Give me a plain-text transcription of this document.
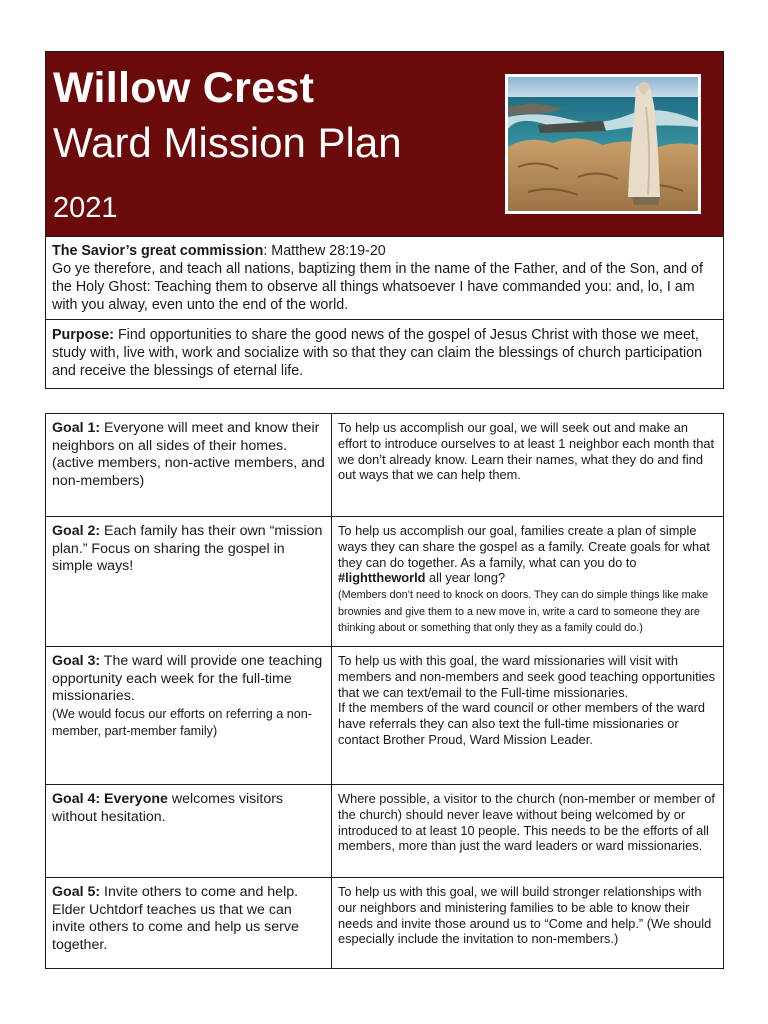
Willow Crest
Ward Mission Plan
2021
The Savior’s great commission: Matthew 28:19-20
Go ye therefore, and teach all nations, baptizing them in the name of the Father, and of the Son, and of the Holy Ghost: Teaching them to observe all things whatsoever I have commanded you: and, lo, I am with you alway, even unto the end of the world.
Purpose: Find opportunities to share the good news of the gospel of Jesus Christ with those we meet, study with, live with, work and socialize with so that they can claim the blessings of church participation and receive the blessings of eternal life.
Goal 1: Everyone will meet and know their neighbors on all sides of their homes.
(active members, non-active members, and non-members)	To help us accomplish our goal, we will seek out and make an effort to introduce ourselves to at least 1 neighbor each month that we don’t already know. Learn their names, what they do and find out ways that we can help them.
Goal 2: Each family has their own “mission plan.” Focus on sharing the gospel in simple ways!	To help us accomplish our goal, families create a plan of simple ways they can share the gospel as a family. Create goals for what they can do together. As a family, what can you do to #lighttheworld all year long?
(Members don’t need to knock on doors. They can do simple things like make brownies and give them to a new move in, write a card to someone they are thinking about or something that only they as a family could do.)
Goal 3: The ward will provide one teaching opportunity each week for the full-time missionaries.
(We would focus our efforts on referring a non-member, part-member family)	To help us with this goal, the ward missionaries will visit with members and non-members and seek good teaching opportunities that we can text/email to the Full-time missionaries.
If the members of the ward council or other members of the ward have referrals they can also text the full-time missionaries or contact Brother Proud, Ward Mission Leader.
Goal 4: Everyone welcomes visitors without hesitation.	Where possible, a visitor to the church (non-member or member of the church) should never leave without being welcomed by or introduced to at least 10 people. This needs to be the efforts of all members, more than just the ward leaders or ward missionaries.
Goal 5: Invite others to come and help. Elder Uchtdorf teaches us that we can invite others to come and help us serve together.	To help us with this goal, we will build stronger relationships with our neighbors and ministering families to be able to know their needs and invite those around us to “Come and help.” (We should especially include the invitation to non-members.)
